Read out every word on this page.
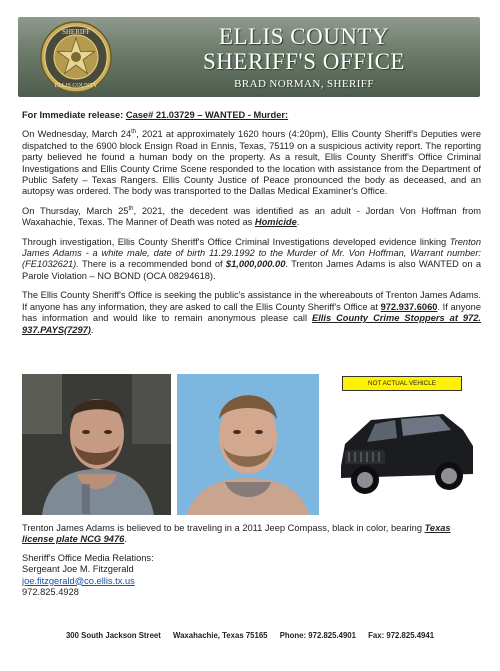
SHERIFF
ELLIS COUNTY
ELLIS COUNTY
SHERIFF'S OFFICE
BRAD NORMAN, SHERIFF

For Immediate release: Case# 21.03729 – WANTED - Murder:

On Wednesday, March 24th, 2021 at approximately 1620 hours (4:20pm), Ellis County Sheriff's Deputies were dispatched to the 6900 block Ensign Road in Ennis, Texas, 75119 on a suspicious activity report. The reporting party believed he found a human body on the property. As a result, Ellis County Sheriff's Office Criminal Investigations and Ellis County Crime Scene responded to the location with assistance from the Department of Public Safety – Texas Rangers. Ellis County Justice of Peace pronounced the body as deceased, and an autopsy was ordered. The body was transported to the Dallas Medical Examiner's Office.

On Thursday, March 25th, 2021, the decedent was identified as an adult - Jordan Von Hoffman from Waxahachie, Texas. The Manner of Death was noted as Homicide.

Through investigation, Ellis County Sheriff's Office Criminal Investigations developed evidence linking Trenton James Adams - a white male, date of birth 11.29.1992 to the Murder of Mr. Von Hoffman, Warrant number: (FE1032621). There is a recommended bond of $1,000,000.00. Trenton James Adams is also WANTED on a Parole Violation – NO BOND (OCA 08294618).

The Ellis County Sheriff's Office is seeking the public's assistance in the whereabouts of Trenton James Adams. If anyone has any information, they are asked to call the Ellis County Sheriff's Office at 972.937.6060. If anyone has information and would like to remain anonymous please call Ellis County Crime Stoppers at 972. 937.PAYS(7297).

NOT ACTUAL VEHICLE

Trenton James Adams is believed to be traveling in a 2011 Jeep Compass, black in color, bearing Texas license plate NCG 9476.

Sheriff's Office Media Relations:
Sergeant Joe M. Fitzgerald
joe.fitzgerald@co.ellis.tx.us
972.825.4928

300 South Jackson Street Waxahachie, Texas 75165 Phone: 972.825.4901 Fax: 972.825.4941
